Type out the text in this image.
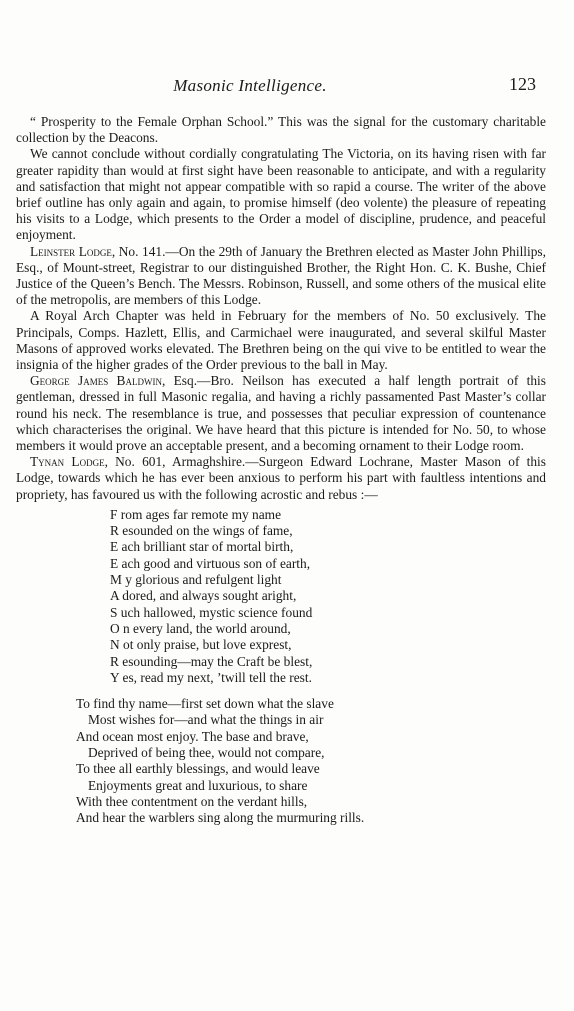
Masonic Intelligence.	123

“ Prosperity to the Female Orphan School.” This was the signal for the customary charitable collection by the Deacons.

We cannot conclude without cordially congratulating The Victoria, on its having risen with far greater rapidity than would at first sight have been reasonable to anticipate, and with a regularity and satisfaction that might not appear compatible with so rapid a course. The writer of the above brief outline has only again and again, to promise himself (deo volente) the pleasure of repeating his visits to a Lodge, which presents to the Order a model of discipline, prudence, and peaceful enjoyment.

Leinster Lodge, No. 141.—On the 29th of January the Brethren elected as Master John Phillips, Esq., of Mount-street, Registrar to our distinguished Brother, the Right Hon. C. K. Bushe, Chief Justice of the Queen’s Bench. The Messrs. Robinson, Russell, and some others of the musical elite of the metropolis, are members of this Lodge.

A Royal Arch Chapter was held in February for the members of No. 50 exclusively. The Principals, Comps. Hazlett, Ellis, and Carmichael were inaugurated, and several skilful Master Masons of approved works elevated. The Brethren being on the qui vive to be entitled to wear the insignia of the higher grades of the Order previous to the ball in May.

George James Baldwin, Esq.—Bro. Neilson has executed a half length portrait of this gentleman, dressed in full Masonic regalia, and having a richly passamented Past Master’s collar round his neck. The resemblance is true, and possesses that peculiar expression of countenance which characterises the original. We have heard that this picture is intended for No. 50, to whose members it would prove an acceptable present, and a becoming ornament to their Lodge room.

Tynan Lodge, No. 601, Armaghshire.—Surgeon Edward Lochrane, Master Mason of this Lodge, towards which he has ever been anxious to perform his part with faultless intentions and propriety, has favoured us with the following acrostic and rebus :—

F rom ages far remote my name
R esounded on the wings of fame,
E ach brilliant star of mortal birth,
E ach good and virtuous son of earth,
M y glorious and refulgent light
A dored, and always sought aright,
S uch hallowed, mystic science found
O n every land, the world around,
N ot only praise, but love exprest,
R esounding—may the Craft be blest,
Y es, read my next, ’twill tell the rest.
To find thy name—first set down what the slave
Most wishes for—and what the things in air
And ocean most enjoy. The base and brave,
Deprived of being thee, would not compare,
To thee all earthly blessings, and would leave
Enjoyments great and luxurious, to share
With thee contentment on the verdant hills,
And hear the warblers sing along the murmuring rills.
